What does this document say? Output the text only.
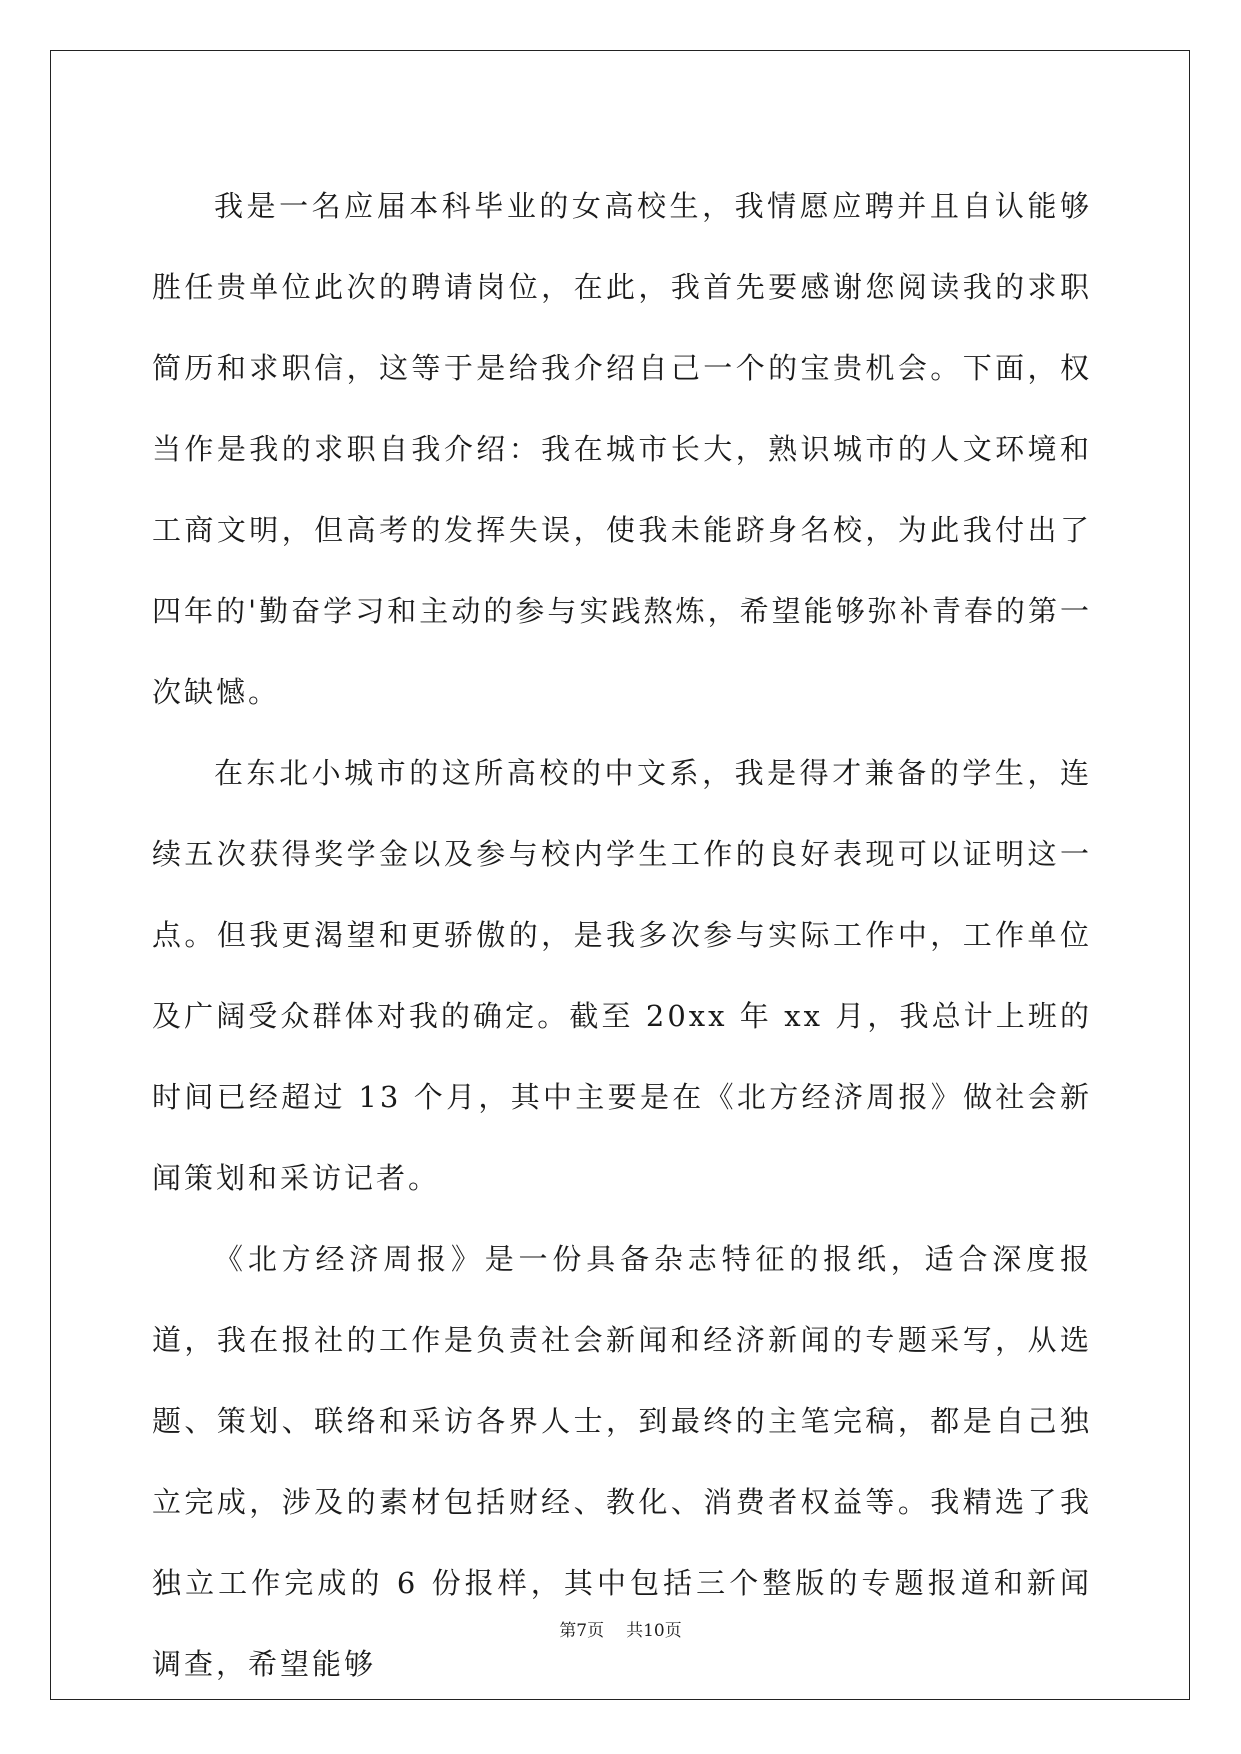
我是一名应届本科毕业的女高校生，我情愿应聘并且自认能够胜任贵单位此次的聘请岗位，在此，我首先要感谢您阅读我的求职简历和求职信，这等于是给我介绍自己一个的宝贵机会。下面，权当作是我的求职自我介绍：我在城市长大，熟识城市的人文环境和工商文明，但高考的发挥失误，使我未能跻身名校，为此我付出了四年的'勤奋学习和主动的参与实践熬炼，希望能够弥补青春的第一次缺憾。

在东北小城市的这所高校的中文系，我是得才兼备的学生，连续五次获得奖学金以及参与校内学生工作的良好表现可以证明这一点。但我更渴望和更骄傲的，是我多次参与实际工作中，工作单位及广阔受众群体对我的确定。截至 20xx 年 xx 月，我总计上班的时间已经超过 13 个月，其中主要是在《北方经济周报》做社会新闻策划和采访记者。

《北方经济周报》是一份具备杂志特征的报纸，适合深度报道，我在报社的工作是负责社会新闻和经济新闻的专题采写，从选题、策划、联络和采访各界人士，到最终的主笔完稿，都是自己独立完成，涉及的素材包括财经、教化、消费者权益等。我精选了我独立工作完成的 6 份报样，其中包括三个整版的专题报道和新闻调查，希望能够

第7页 共10页
